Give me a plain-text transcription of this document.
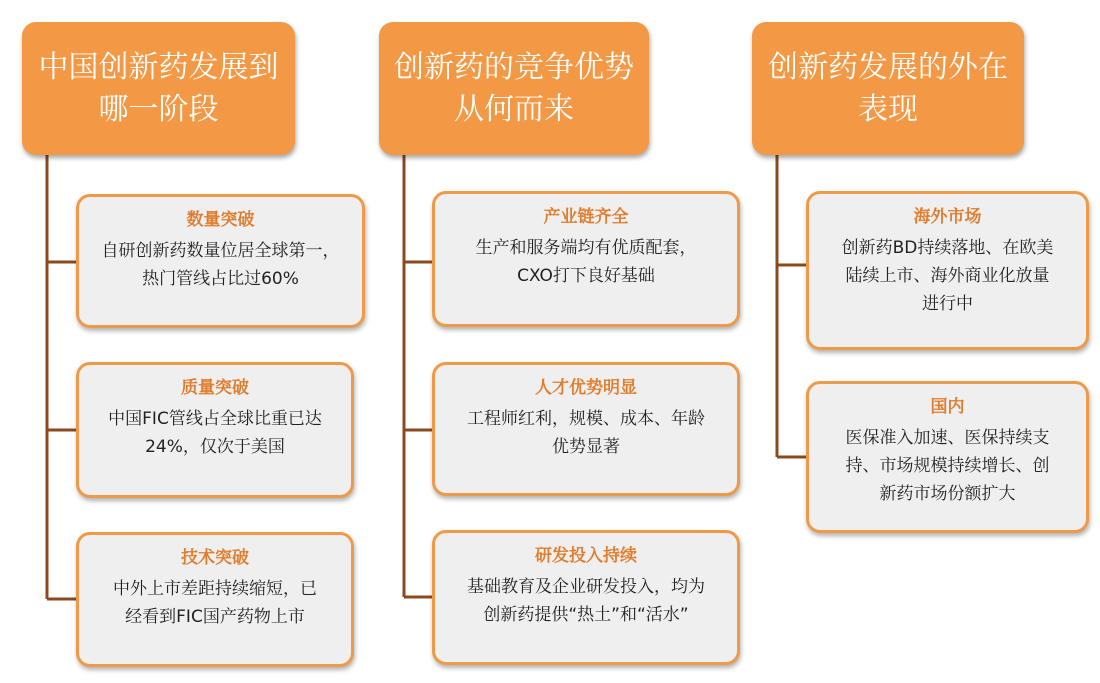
中国创新药发展到
哪一阶段
数量突破
自研创新药数量位居全球第一，
热门管线占比过60%
质量突破
中国FIC管线占全球比重已达
24%，仅次于美国
技术突破
中外上市差距持续缩短，已
经看到FIC国产药物上市
创新药的竞争优势
从何而来
产业链齐全
生产和服务端均有优质配套，
CXO打下良好基础
人才优势明显
工程师红利，规模、成本、年龄
优势显著
研发投入持续
基础教育及企业研发投入，均为
创新药提供“热土”和“活水”
创新药发展的外在
表现
海外市场
创新药BD持续落地、在欧美
陆续上市、海外商业化放量
进行中
国内
医保准入加速、医保持续支
持、市场规模持续增长、创
新药市场份额扩大
